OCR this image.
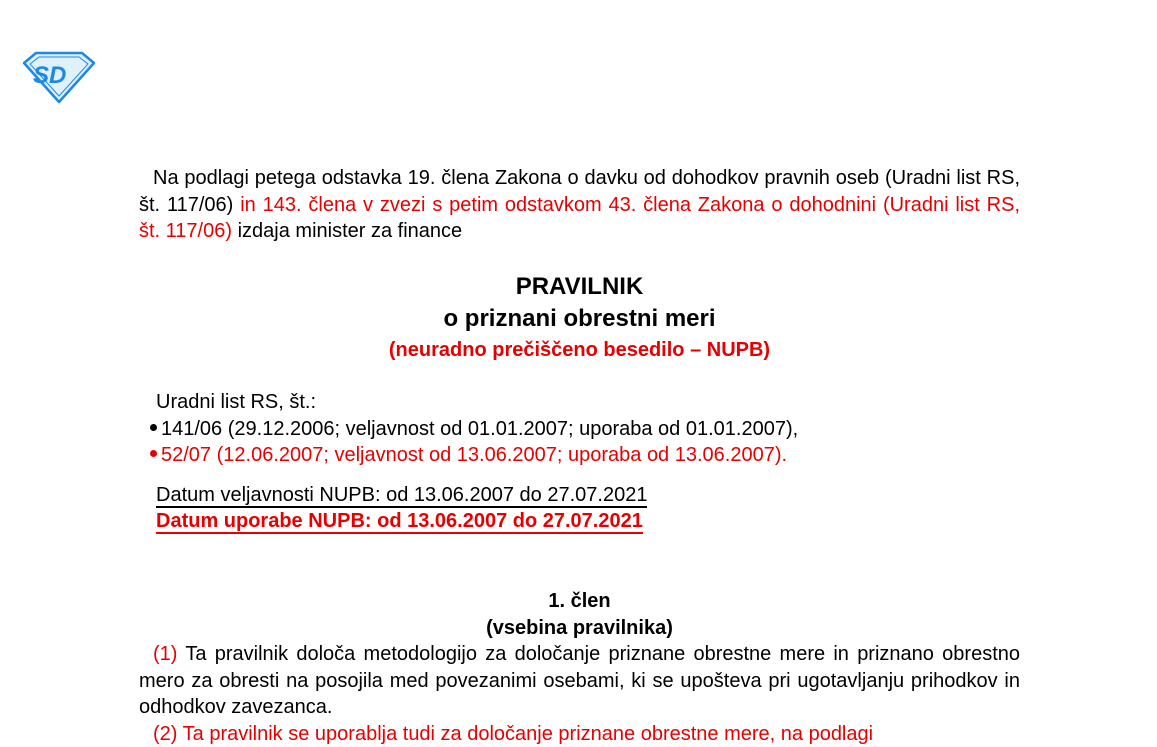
SD

Na podlagi petega odstavka 19. člena Zakona o davku od dohodkov pravnih oseb (Uradni list RS, št. 117/06) in 143. člena v zvezi s petim odstavkom 43. člena Zakona o dohodnini (Uradni list RS, št. 117/06) izdaja minister za finance

PRAVILNIK
o priznani obrestni meri
(neuradno prečiščeno besedilo – NUPB)
Uradni list RS, št.:
141/06 (29.12.2006; veljavnost od 01.01.2007; uporaba od 01.01.2007),
52/07 (12.06.2007; veljavnost od 13.06.2007; uporaba od 13.06.2007).
Datum veljavnosti NUPB: od 13.06.2007 do 27.07.2021
Datum uporabe NUPB: od 13.06.2007 do 27.07.2021
1. člen
(vsebina pravilnika)

(1) Ta pravilnik določa metodologijo za določanje priznane obrestne mere in priznano obrestno mero za obresti na posojila med povezanimi osebami, ki se upošteva pri ugotavljanju prihodkov in odhodkov zavezanca.

(2) Ta pravilnik se uporablja tudi za določanje priznane obrestne mere, na podlagi
